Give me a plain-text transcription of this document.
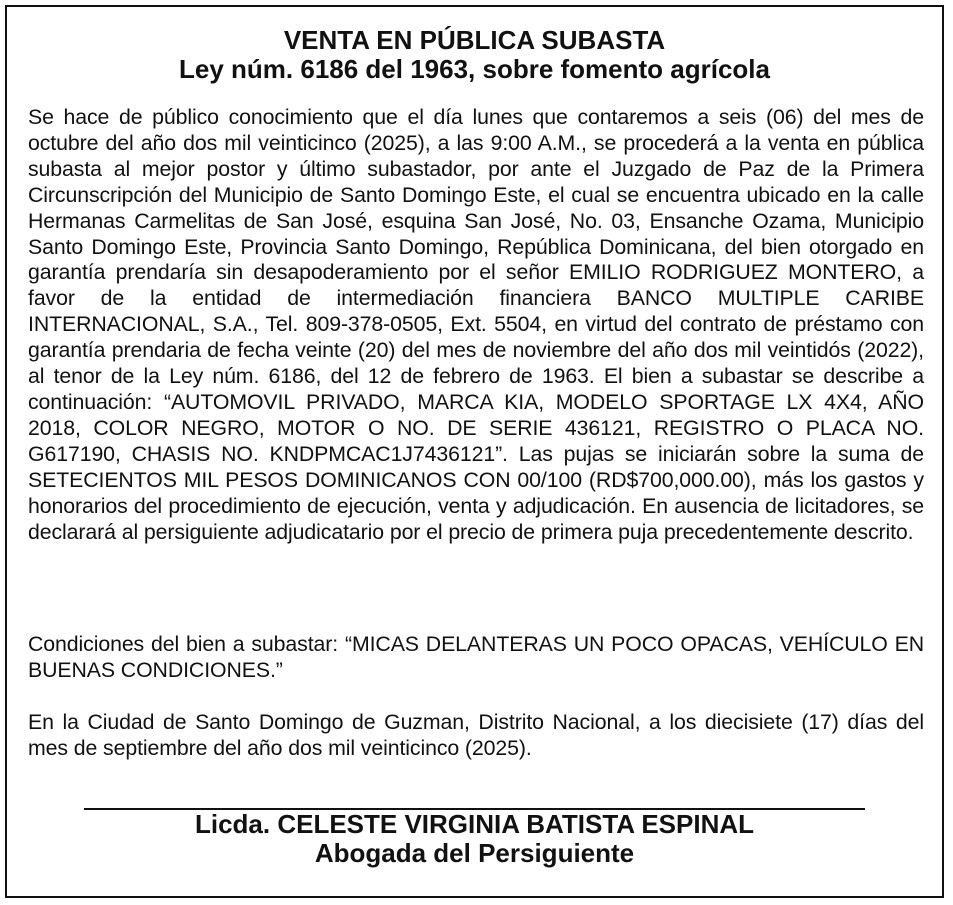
VENTA EN PÚBLICA SUBASTA
Ley núm. 6186 del 1963, sobre fomento agrícola
Se hace de público conocimiento que el día lunes que contaremos a seis (06) del mes de octubre del año dos mil veinticinco (2025), a las 9:00 A.M., se procederá a la venta en pública subasta al mejor postor y último subastador, por ante el Juzgado de Paz de la Primera Circunscripción del Municipio de Santo Domingo Este, el cual se encuentra ubicado en la calle Hermanas Carmelitas de San José, esquina San José, No. 03, Ensanche Ozama, Municipio Santo Domingo Este, Provincia Santo Domingo, República Dominicana, del bien otorgado en garantía prendaría sin desapoderamiento por el señor EMILIO RODRIGUEZ MONTERO, a favor de la entidad de intermediación financiera BANCO MULTIPLE CARIBE INTERNACIONAL, S.A., Tel. 809-378-0505, Ext. 5504, en virtud del contrato de préstamo con garantía prendaria de fecha veinte (20) del mes de noviembre del año dos mil veintidós (2022), al tenor de la Ley núm. 6186, del 12 de febrero de 1963. El bien a subastar se describe a continuación: “AUTOMOVIL PRIVADO, MARCA KIA, MODELO SPORTAGE LX 4X4, AÑO 2018, COLOR NEGRO, MOTOR O NO. DE SERIE 436121, REGISTRO O PLACA NO. G617190, CHASIS NO. KNDPMCAC1J7436121”. Las pujas se iniciarán sobre la suma de SETECIENTOS MIL PESOS DOMINICANOS CON 00/100 (RD$700,000.00), más los gastos y honorarios del procedimiento de ejecución, venta y adjudicación. En ausencia de licitadores, se declarará al persiguiente adjudicatario por el precio de primera puja precedentemente descrito.
Condiciones del bien a subastar: “MICAS DELANTERAS UN POCO OPACAS, VEHÍCULO EN BUENAS CONDICIONES.”
En la Ciudad de Santo Domingo de Guzman, Distrito Nacional, a los diecisiete (17) días del mes de septiembre del año dos mil veinticinco (2025).
Licda. CELESTE VIRGINIA BATISTA ESPINAL
Abogada del Persiguiente
